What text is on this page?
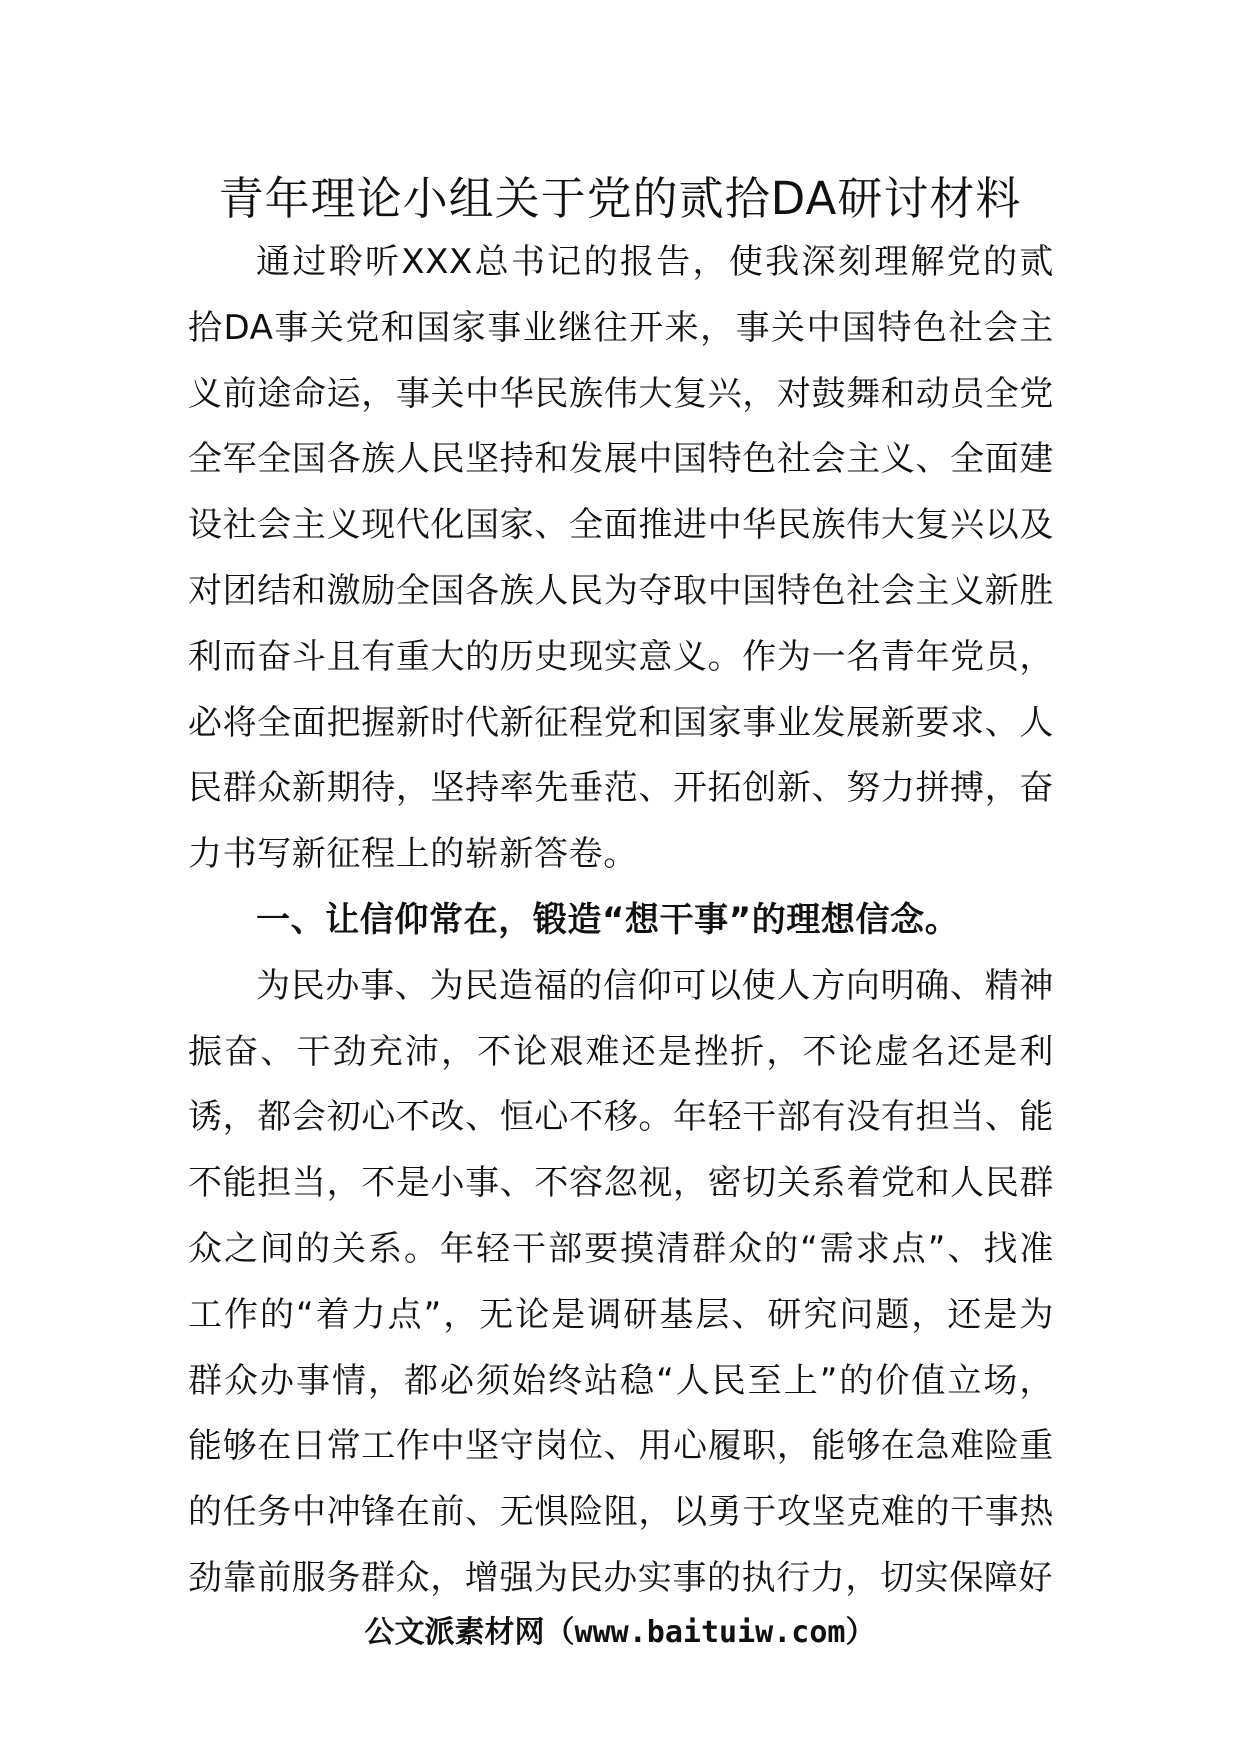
青年理论小组关于党的贰拾DA研讨材料

通过聆听XXX总书记的报告，使我深刻理解党的贰拾DA事关党和国家事业继往开来，事关中国特色社会主义前途命运，事关中华民族伟大复兴，对鼓舞和动员全党全军全国各族人民坚持和发展中国特色社会主义、全面建设社会主义现代化国家、全面推进中华民族伟大复兴以及对团结和激励全国各族人民为夺取中国特色社会主义新胜利而奋斗且有重大的历史现实意义。作为一名青年党员，必将全面把握新时代新征程党和国家事业发展新要求、人民群众新期待，坚持率先垂范、开拓创新、努力拼搏，奋力书写新征程上的崭新答卷。

一、让信仰常在，锻造“想干事”的理想信念。

为民办事、为民造福的信仰可以使人方向明确、精神振奋、干劲充沛，不论艰难还是挫折，不论虚名还是利诱，都会初心不改、恒心不移。年轻干部有没有担当、能不能担当，不是小事、不容忽视，密切关系着党和人民群众之间的关系。年轻干部要摸清群众的“需求点”、找准工作的“着力点”，无论是调研基层、研究问题，还是为群众办事情，都必须始终站稳“人民至上”的价值立场，能够在日常工作中坚守岗位、用心履职，能够在急难险重的任务中冲锋在前、无惧险阻，以勇于攻坚克难的干事热劲靠前服务群众，增强为民办实事的执行力，切实保障好

公文派素材网（www.baituiw.com）
